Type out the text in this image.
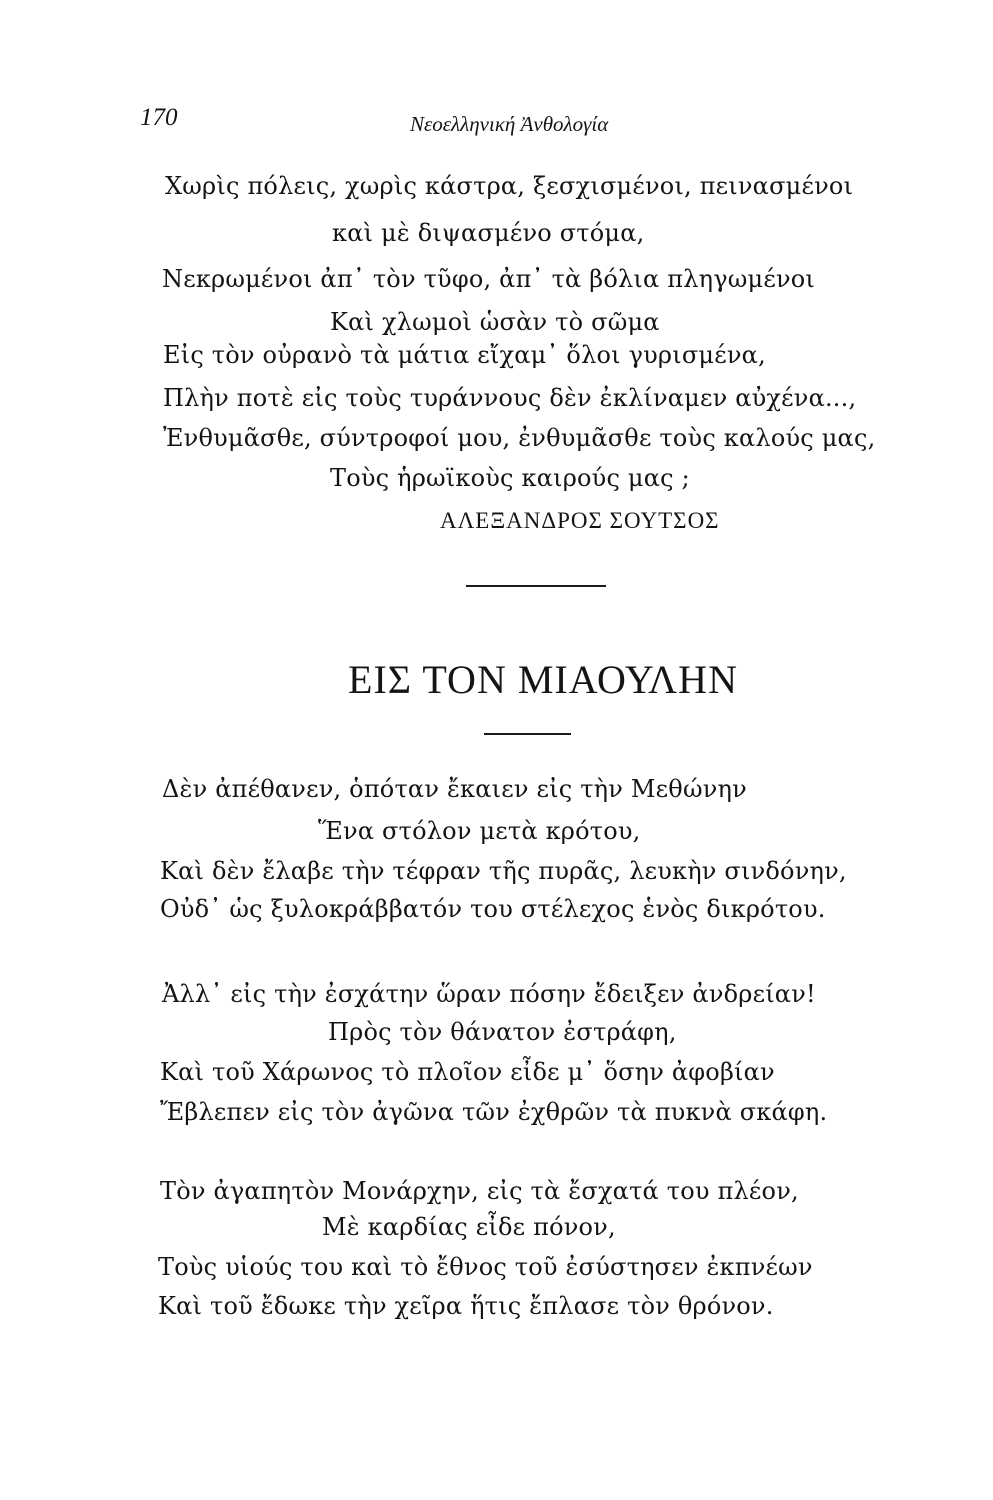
170	Νεοελληνική Ἀνθολογία
Χωρὶς πόλεις, χωρὶς κάστρα, ξεσχισμένοι, πεινασμένοι
καὶ μὲ διψασμένο στόμα,
Νεκρωμένοι ἀπ᾽ τὸν τῦφο, ἀπ᾽ τὰ βόλια πληγωμένοι
Καὶ χλωμοὶ ὡσὰν τὸ σῶμα
Εἰς τὸν οὐρανὸ τὰ μάτια εἴχαμ᾽ ὅλοι γυρισμένα,
Πλὴν ποτὲ εἰς τοὺς τυράννους δὲν ἐκλίναμεν αὐχένα...,
Ἐνθυμᾶσθε, σύντροφοί μου, ἐνθυμᾶσθε τοὺς καλούς μας,
Τοὺς ἡρωϊκοὺς καιρούς μας ;
ΑΛΕΞΑΝΔΡΟΣ ΣΟΥΤΣΟΣ
ΕΙΣ ΤΟΝ ΜΙΑΟΥΛΗΝ
Δὲν ἀπέθανεν, ὁπόταν ἔκαιεν εἰς τὴν Μεθώνην
Ἕνα στόλον μετὰ κρότου,
Καὶ δὲν ἔλαβε τὴν τέφραν τῆς πυρᾶς, λευκὴν σινδόνην,
Οὐδ᾽ ὡς ξυλοκράββατόν του στέλεχος ἑνὸς δικρότου.
Ἀλλ᾽ εἰς τὴν ἐσχάτην ὥραν πόσην ἔδειξεν ἀνδρείαν!
Πρὸς τὸν θάνατον ἐστράφη,
Καὶ τοῦ Χάρωνος τὸ πλοῖον εἶδε μ᾽ ὅσην ἀφοβίαν
Ἔβλεπεν εἰς τὸν ἀγῶνα τῶν ἐχθρῶν τὰ πυκνὰ σκάφη.
Τὸν ἀγαπητὸν Μονάρχην, εἰς τὰ ἔσχατά του πλέον,
Μὲ καρδίας εἶδε πόνον,
Τοὺς υἱούς του καὶ τὸ ἔθνος τοῦ ἐσύστησεν ἐκπνέων
Καὶ τοῦ ἔδωκε τὴν χεῖρα ἥτις ἔπλασε τὸν θρόνον.
